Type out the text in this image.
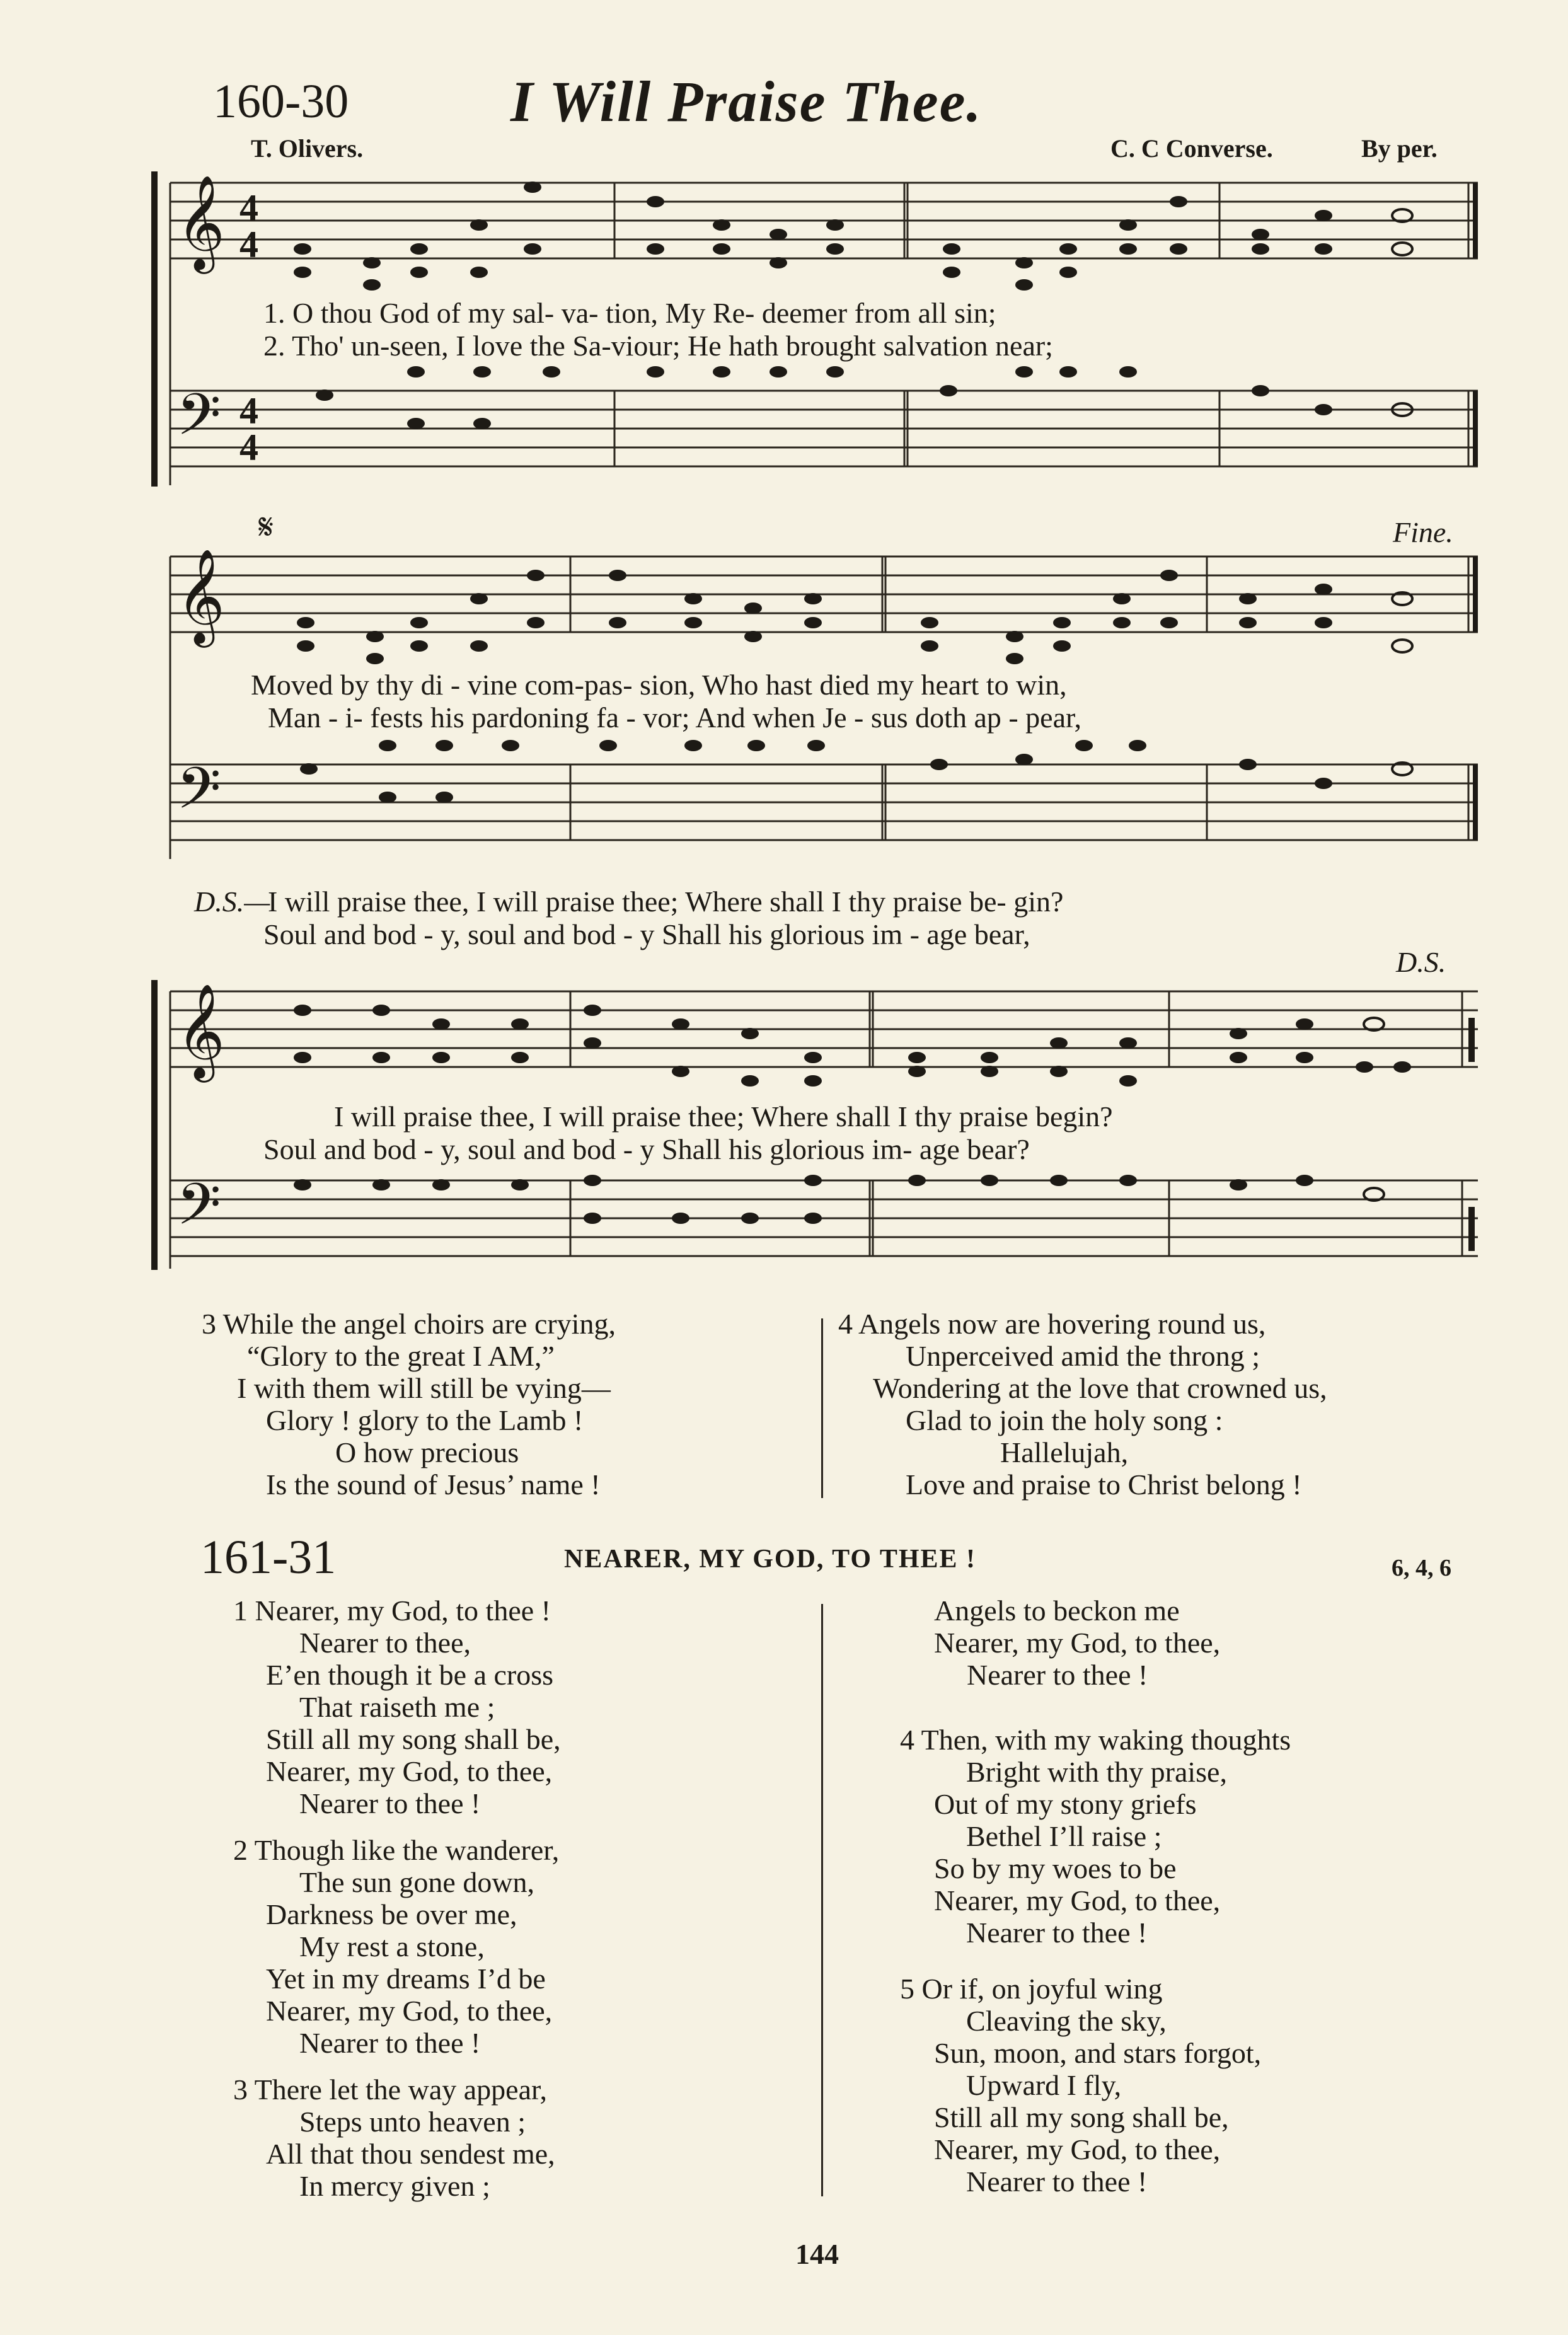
160-30	I Will Praise Thee.
T. Olivers.	C. C Converse.	By per.
𝄞 4
4
𝄢 4
4
1. O thou God of my sal- va- tion, My Re- deemer from all sin;
2. Tho' un-seen, I love the Sa-viour; He hath brought salvation near;
𝄋	Fine.
𝄞
𝄢
Moved by thy di - vine com-pas- sion, Who hast died my heart to win,
Man - i- fests his pardoning fa - vor; And when Je - sus doth ap - pear,
D.S.—
I will praise thee, I will praise thee; Where shall I thy praise be- gin?
Soul and bod - y, soul and bod - y Shall his glorious im - age bear,
D.S.
𝄞
𝄢
I will praise thee, I will praise thee; Where shall I thy praise begin?
Soul and bod - y, soul and bod - y Shall his glorious im- age bear?
3 While the angel choirs are crying,
“Glory to the great I AM,”
I with them will still be vying—
Glory ! glory to the Lamb !
O how precious
Is the sound of Jesus’ name !
4 Angels now are hovering round us,
Unperceived amid the throng ;
Wondering at the love that crowned us,
Glad to join the holy song :
Hallelujah,
Love and praise to Christ belong !
161-31	NEARER, MY GOD, TO THEE !	6, 4, 6
1 Nearer, my God, to thee !
Nearer to thee,
E’en though it be a cross
That raiseth me ;
Still all my song shall be,
Nearer, my God, to thee,
Nearer to thee !
2 Though like the wanderer,
The sun gone down,
Darkness be over me,
My rest a stone,
Yet in my dreams I’d be
Nearer, my God, to thee,
Nearer to thee !
3 There let the way appear,
Steps unto heaven ;
All that thou sendest me,
In mercy given ;
Angels to beckon me
Nearer, my God, to thee,
Nearer to thee !
4 Then, with my waking thoughts
Bright with thy praise,
Out of my stony griefs
Bethel I’ll raise ;
So by my woes to be
Nearer, my God, to thee,
Nearer to thee !
5 Or if, on joyful wing
Cleaving the sky,
Sun, moon, and stars forgot,
Upward I fly,
Still all my song shall be,
Nearer, my God, to thee,
Nearer to thee !
144
